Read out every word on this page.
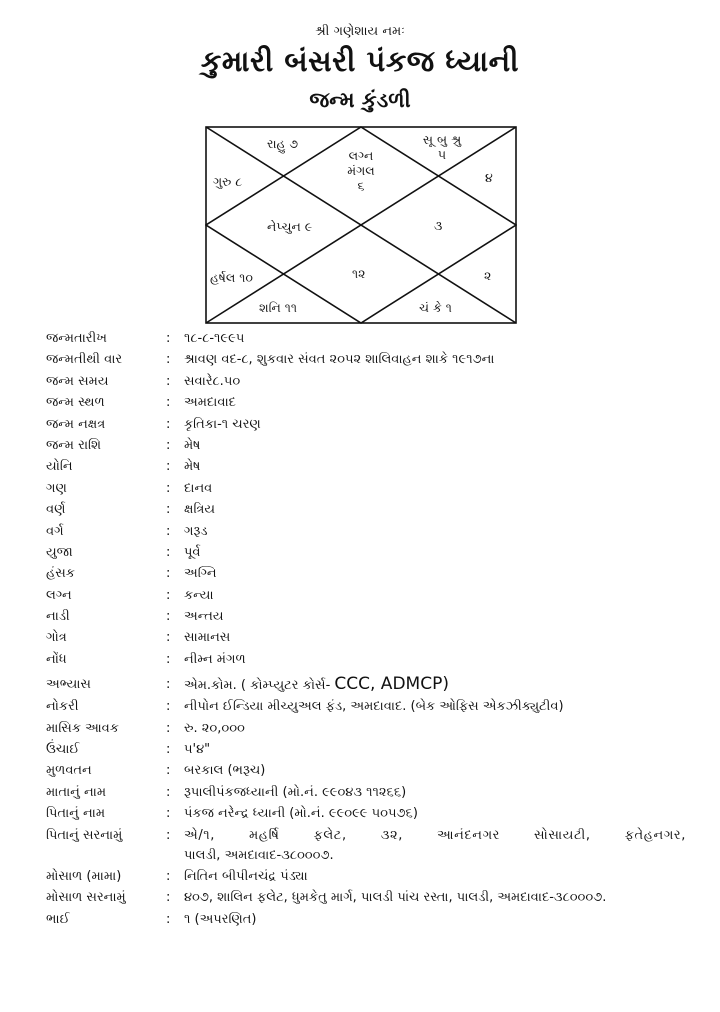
શ્રી ગણેશાય નમઃ
કુમારી બંસરી પંકજ ધ્યાની
જન્મ કુંડળી
રાહુ ૭
લગ્ન
મંગલ
૬
સૂ બુ શ્રુ
૫
૪
ગુરુ ૮
નેપ્ચુન ૯	૩
હર્ષલ ૧૦	૧૨	૨
શનિ ૧૧	ચં કે ૧
જન્મતારીખ	: ૧૮-૮-૧૯૯૫
જન્મતીથી વાર	: શ્રાવણ વદ-૮, શુકવાર સંવત ૨૦૫૨ શાલિવાહન શાકે ૧૯૧૭ના
જન્મ સમય	: સવારે૮.૫૦
જન્મ સ્થળ	: અમદાવાદ
જન્મ નક્ષત્ર	: કૃતિકા-૧ ચરણ
જન્મ રાશિ	: મેષ
યોનિ	: મેષ
ગણ	: દાનવ
વર્ણ	: ક્ષત્રિય
વર્ગ	: ગરૂડ
યુજા	: પૂર્વ
હંસક	: અગ્નિ
લગ્ન	: કન્યા
નાડી	: અન્તય
ગોત્ર	: સામાનસ
નોંધ	: નીમ્ન મંગળ
અભ્યાસ	: એમ.કોમ. ( કોમ્પ્યુટર કોર્સ- CCC, ADMCP)
નોકરી	: નીપોન ઈન્ડિયા મીચ્યુઅલ ફંડ, અમદાવાદ. (બેક ઓફિસ એકઝીક્યુટીવ)
માસિક આવક	: રુ. ૨૦,૦૦૦
ઉંચાઈ	: ૫'૪"
મુળવતન	: બરકાલ (ભરૂચ)
માતાનું નામ	: રૂપાલીપંકજધ્યાની (મો.નં. ૯૯૦૪૩ ૧૧૨૬૬)
પિતાનું નામ	: પંકજ નરેન્દ્ર ધ્યાની (મો.નં. ૯૯૦૯૯ ૫૦૫૭૬)
પિતાનું સરનામું	: એ/૧, મહર્ષિ ફલેટ, ૩૨, આનંદનગર સોસાયટી, ફતેહનગર,
પાલડી, અમદાવાદ-૩૮૦૦૦૭.
મોસાળ (મામા)	: નિતિન બીપીનચંદ્ર પંડ્યા
મોસાળ સરનામું	: ૪૦૭, શાલિન ફલેટ, ધુમકેતુ માર્ગ, પાલડી પાંચ રસ્તા, પાલડી, અમદાવાદ-૩૮૦૦૦૭.
ભાઈ	: ૧ (અપરણિત)
